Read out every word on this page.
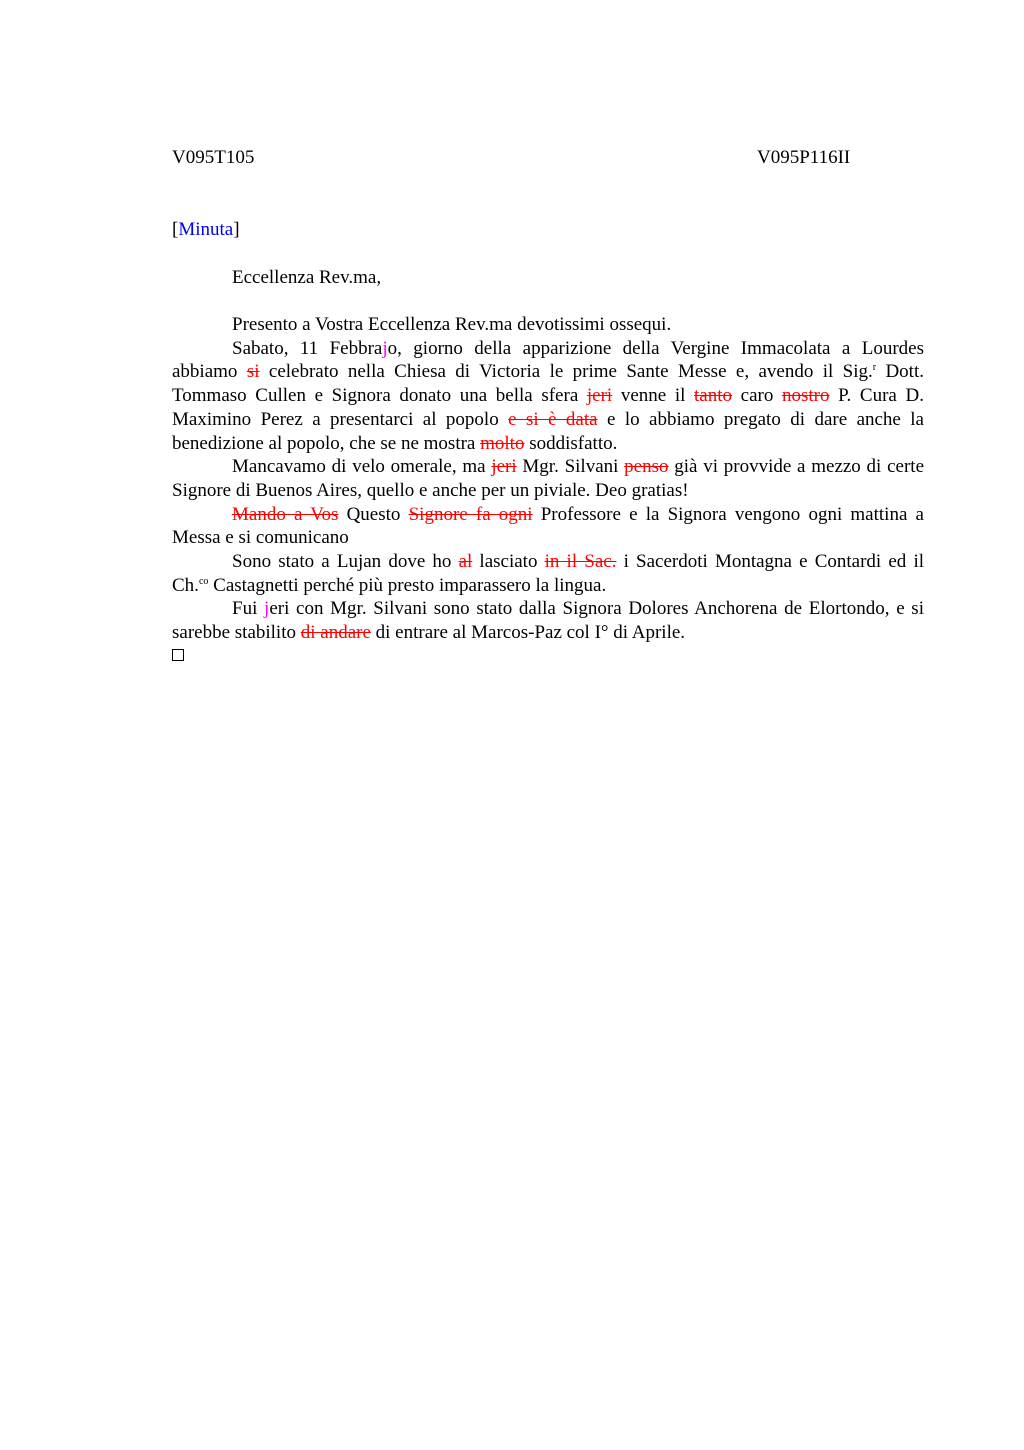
V095T105	V095P116II
[Minuta]
Eccellenza Rev.ma,

Presento a Vostra Eccellenza Rev.ma devotissimi ossequi.

Sabato, 11 Febbrajo, giorno della apparizione della Vergine Immacolata a Lourdes abbiamo si celebrato nella Chiesa di Victoria le prime Sante Messe e, avendo il Sig.$^r$ Dott. Tommaso Cullen e Signora donato una bella sfera jeri venne il tanto caro nostro P. Cura D. Maximino Perez a presentarci al popolo e si è data e lo abbiamo pregato di dare anche la benedizione al popolo, che se ne mostra molto soddisfatto.

Mancavamo di velo omerale, ma jeri Mgr. Silvani penso già vi provvide a mezzo di certe Signore di Buenos Aires, quello e anche per un piviale. Deo gratias!

Mando a Vos Questo Signore fa ogni Professore e la Signora vengono ogni mattina a Messa e si comunicano

Sono stato a Lujan dove ho al lasciato in il Sac. i Sacerdoti Montagna e Contardi ed il Ch.$^{co}$ Castagnetti perché più presto imparassero la lingua.

Fui jeri con Mgr. Silvani sono stato dalla Signora Dolores Anchorena de Elortondo, e si sarebbe stabilito di andare di entrare al Marcos-Paz col I° di Aprile.
